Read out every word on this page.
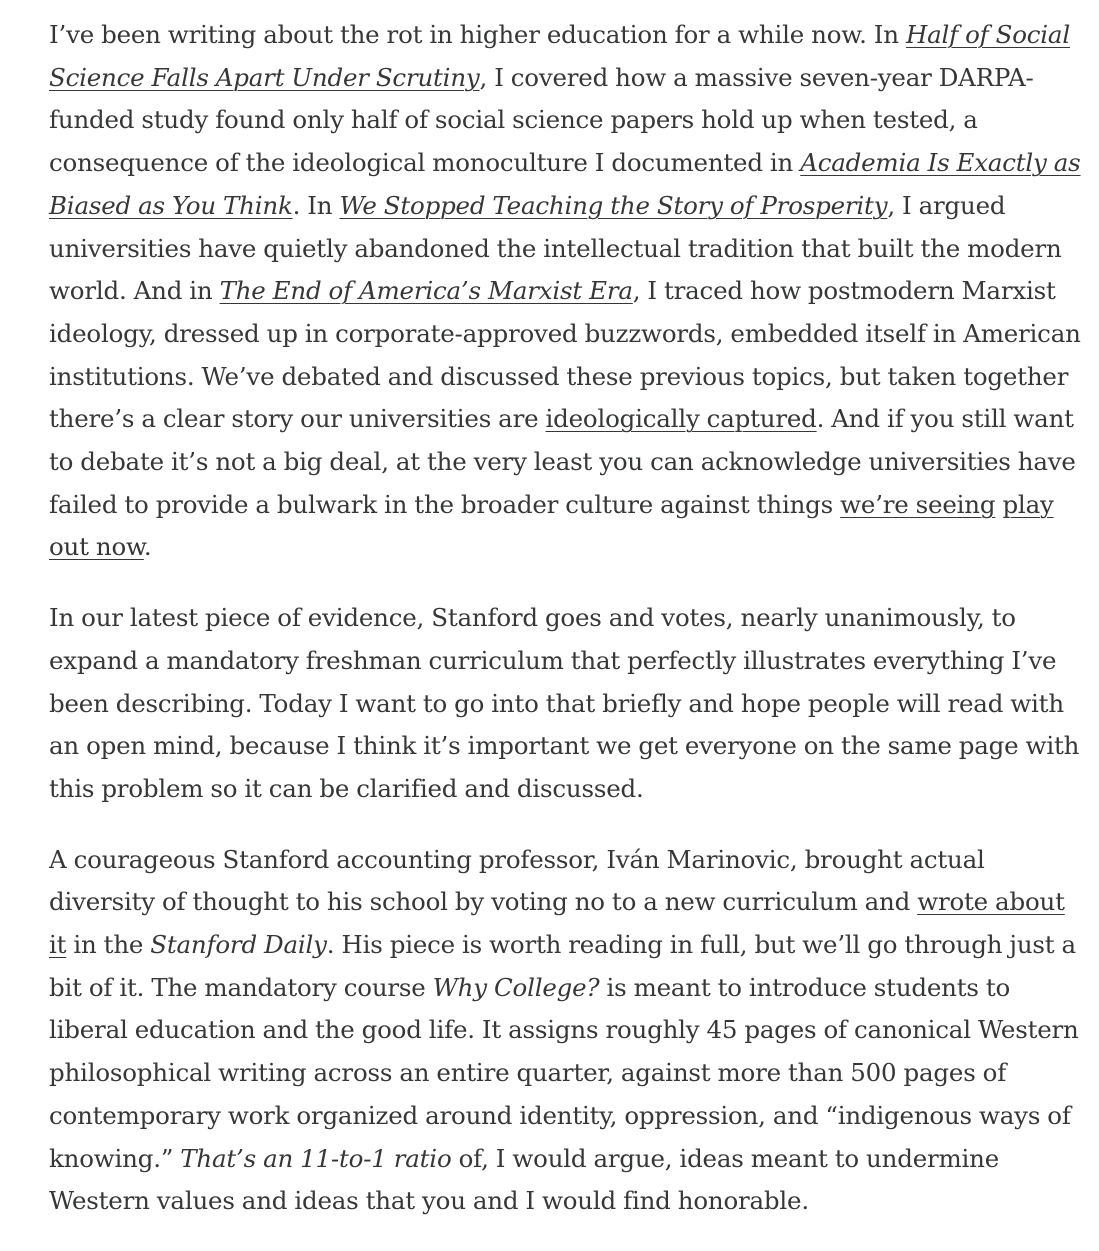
I’ve been writing about the rot in higher education for a while now. In Half of Social Science Falls Apart Under Scrutiny, I covered how a massive seven-year DARPA-funded study found only half of social science papers hold up when tested, a consequence of the ideological monoculture I documented in Academia Is Exactly as Biased as You Think. In We Stopped Teaching the Story of Prosperity, I argued universities have quietly abandoned the intellectual tradition that built the modern world. And in The End of America’s Marxist Era, I traced how postmodern Marxist ideology, dressed up in corporate-approved buzzwords, embedded itself in American institutions. We’ve debated and discussed these previous topics, but taken together there’s a clear story our universities are ideologically captured. And if you still want to debate it’s not a big deal, at the very least you can acknowledge universities have failed to provide a bulwark in the broader culture against things we’re seeing play out now.

In our latest piece of evidence, Stanford goes and votes, nearly unanimously, to expand a mandatory freshman curriculum that perfectly illustrates everything I’ve been describing. Today I want to go into that briefly and hope people will read with an open mind, because I think it’s important we get everyone on the same page with this problem so it can be clarified and discussed.

A courageous Stanford accounting professor, Iván Marinovic, brought actual diversity of thought to his school by voting no to a new curriculum and wrote about it in the Stanford Daily. His piece is worth reading in full, but we’ll go through just a bit of it. The mandatory course Why College? is meant to introduce students to liberal education and the good life. It assigns roughly 45 pages of canonical Western philosophical writing across an entire quarter, against more than 500 pages of contemporary work organized around identity, oppression, and “indigenous ways of knowing.” That’s an 11-to-1 ratio of, I would argue, ideas meant to undermine Western values and ideas that you and I would find honorable.
